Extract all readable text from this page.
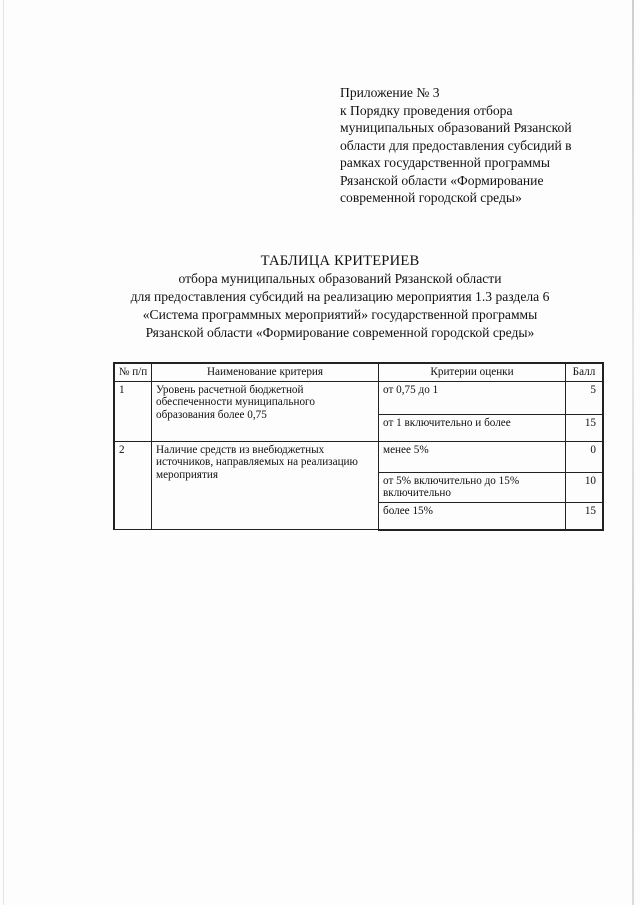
Приложение № 3
к Порядку проведения отбора
муниципальных образований Рязанской
области для предоставления субсидий в
рамках государственной программы
Рязанской области «Формирование
современной городской среды»
ТАБЛИЦА КРИТЕРИЕВ
отбора муниципальных образований Рязанской области
для предоставления субсидий на реализацию мероприятия 1.3 раздела 6
«Система программных мероприятий» государственной программы
Рязанской области «Формирование современной городской среды»
№ п/п	Наименование критерия	Критерии оценки	Балл
1	Уровень расчетной бюджетной обеспеченности муниципального образования более 0,75	от 0,75 до 1	5
		от 1 включительно и более	15
2	Наличие средств из внебюджетных источников, направляемых на реализацию мероприятия	менее 5%	0
		от 5% включительно до 15% включительно	10
		более 15%	15
